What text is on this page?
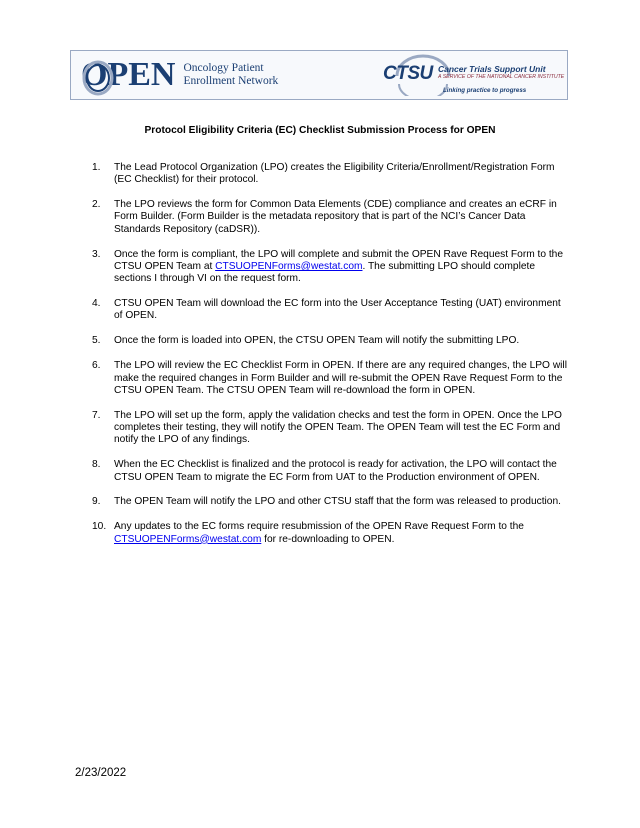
OPEN Oncology Patient
Enrollment Network	CTSU Cancer Trials Support Unit
A SERVICE OF THE NATIONAL CANCER INSTITUTE
Linking practice to progress
Protocol Eligibility Criteria (EC) Checklist Submission Process for OPEN
1. The Lead Protocol Organization (LPO) creates the Eligibility Criteria/Enrollment/Registration Form (EC Checklist) for their protocol.
2. The LPO reviews the form for Common Data Elements (CDE) compliance and creates an eCRF in Form Builder. (Form Builder is the metadata repository that is part of the NCI’s Cancer Data Standards Repository (caDSR)).
3. Once the form is compliant, the LPO will complete and submit the OPEN Rave Request Form to the CTSU OPEN Team at CTSUOPENForms@westat.com. The submitting LPO should complete sections I through VI on the request form.
4. CTSU OPEN Team will download the EC form into the User Acceptance Testing (UAT) environment of OPEN.
5. Once the form is loaded into OPEN, the CTSU OPEN Team will notify the submitting LPO.
6. The LPO will review the EC Checklist Form in OPEN. If there are any required changes, the LPO will make the required changes in Form Builder and will re-submit the OPEN Rave Request Form to the CTSU OPEN Team. The CTSU OPEN Team will re-download the form in OPEN.
7. The LPO will set up the form, apply the validation checks and test the form in OPEN. Once the LPO completes their testing, they will notify the OPEN Team. The OPEN Team will test the EC Form and notify the LPO of any findings.
8. When the EC Checklist is finalized and the protocol is ready for activation, the LPO will contact the CTSU OPEN Team to migrate the EC Form from UAT to the Production environment of OPEN.
9. The OPEN Team will notify the LPO and other CTSU staff that the form was released to production.
10. Any updates to the EC forms require resubmission of the OPEN Rave Request Form to the CTSUOPENForms@westat.com for re-downloading to OPEN.
2/23/2022
